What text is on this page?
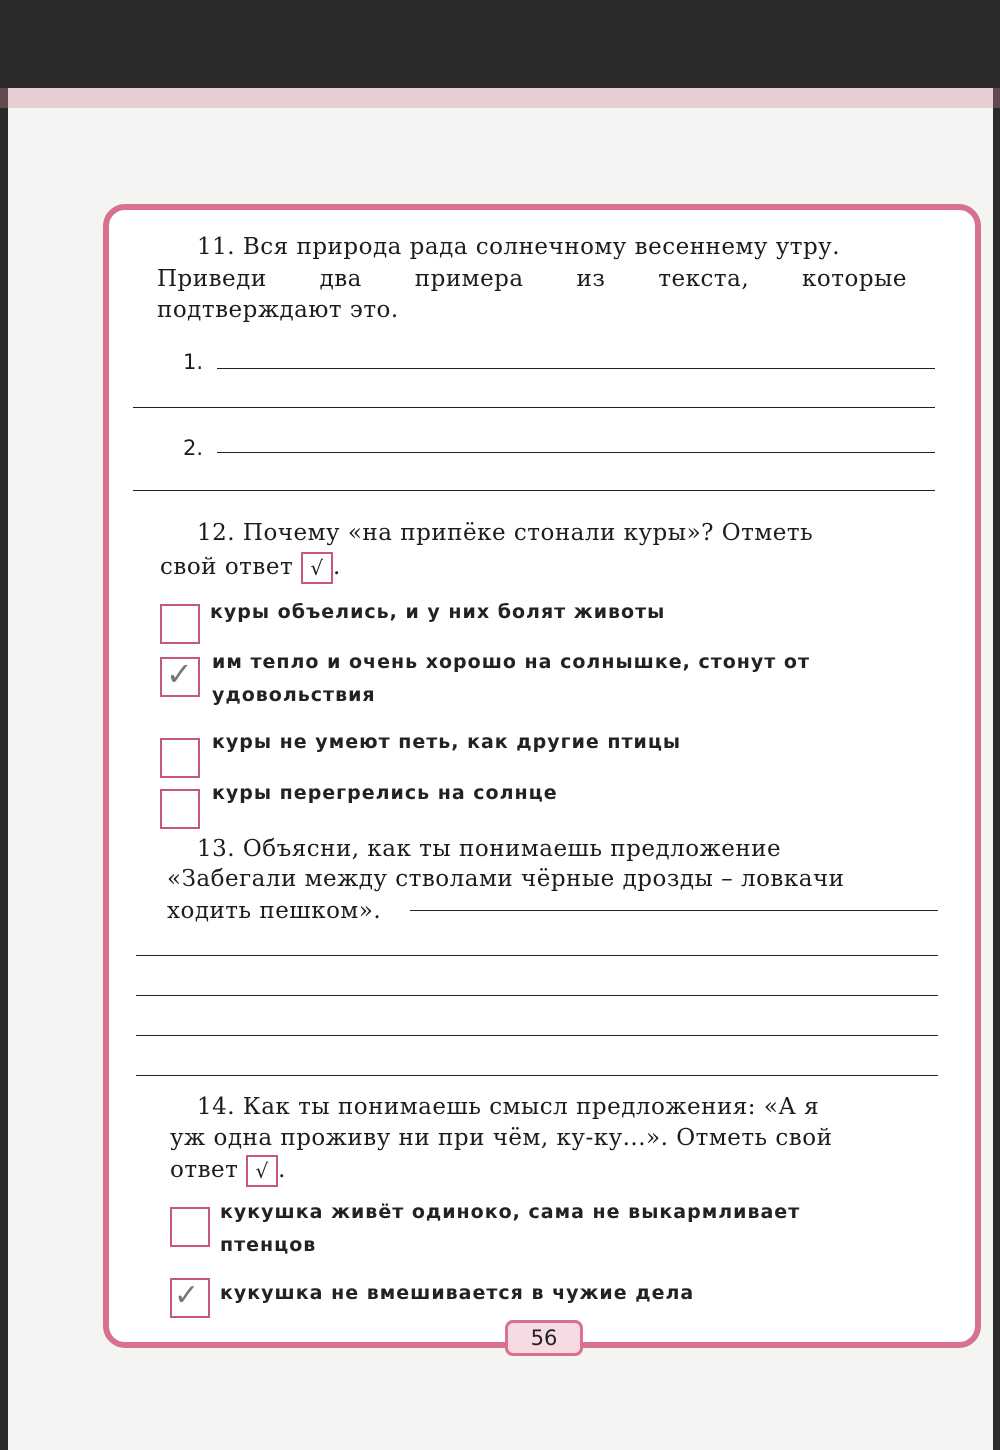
11. Вся природа рада солнечному весеннему утру.
Приведи два примера из текста, которые
подтверждают это.
1.
2.
12. Почему «на припёке стонали куры»? Отметь
свой ответ √ .
куры объелись, и у них болят животы
✓ им тепло и очень хорошо на солнышке, стонут от
удовольствия
куры не умеют петь, как другие птицы
куры перегрелись на солнце
13. Объясни, как ты понимаешь предложение
«Забегали между стволами чёрные дрозды – ловкачи
ходить пешком».
14. Как ты понимаешь смысл предложения: «А я
уж одна проживу ни при чём, ку-ку...». Отметь свой
ответ √ .
кукушка живёт одиноко, сама не выкармливает
птенцов
✓ кукушка не вмешивается в чужие дела
56
